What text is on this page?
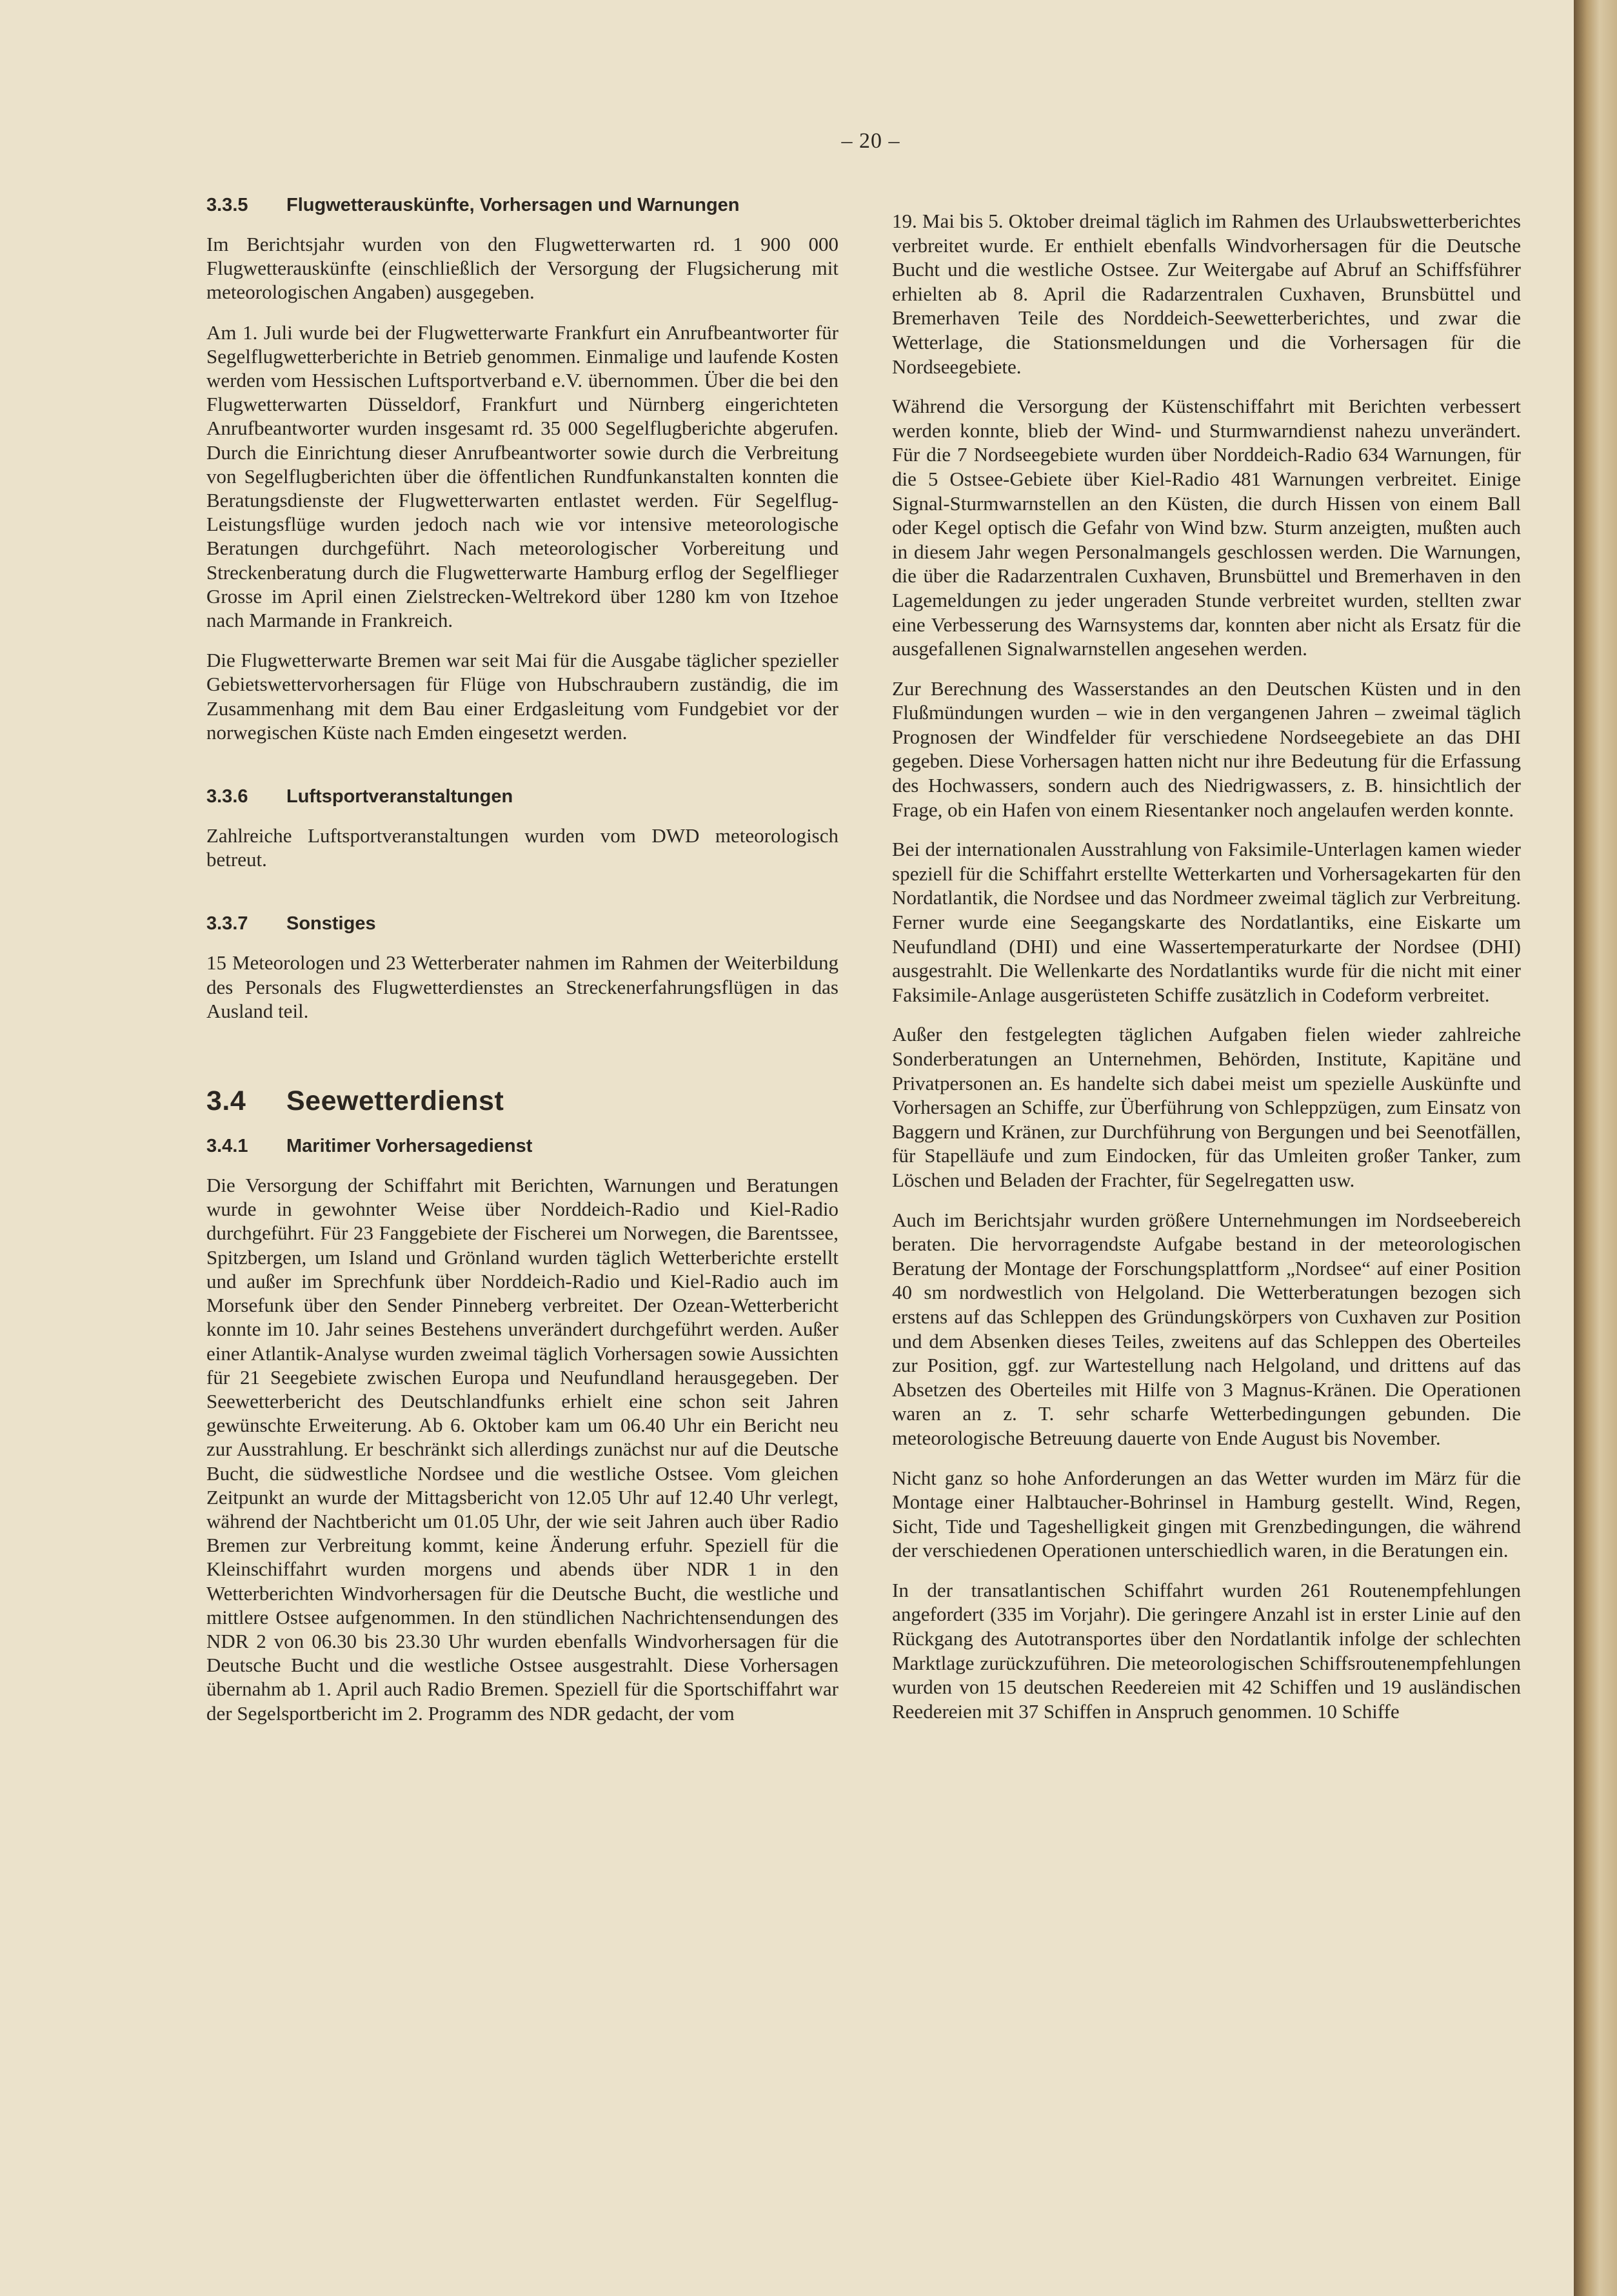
– 20 –
3.3.5 Flugwetterauskünfte, Vorhersagen und Warnungen

Im Berichtsjahr wurden von den Flugwetterwarten rd. 1 900 000 Flugwetterauskünfte (einschließlich der Versorgung der Flugsicherung mit meteorologischen Angaben) ausgegeben.

Am 1. Juli wurde bei der Flugwetterwarte Frankfurt ein Anrufbeantworter für Segelflugwetterberichte in Betrieb genommen. Einmalige und laufende Kosten werden vom Hessischen Luftsportverband e.V. übernommen. Über die bei den Flugwetterwarten Düsseldorf, Frankfurt und Nürnberg eingerichteten Anrufbeantworter wurden insgesamt rd. 35 000 Segelflugberichte abgerufen. Durch die Einrichtung dieser Anrufbeantworter sowie durch die Verbreitung von Segelflugberichten über die öffentlichen Rundfunkanstalten konnten die Beratungsdienste der Flugwetterwarten entlastet werden. Für Segelflug-Leistungsflüge wurden jedoch nach wie vor intensive meteorologische Beratungen durchgeführt. Nach meteorologischer Vorbereitung und Streckenberatung durch die Flugwetterwarte Hamburg erflog der Segelflieger Grosse im April einen Zielstrecken-Weltrekord über 1280 km von Itzehoe nach Marmande in Frankreich.

Die Flugwetterwarte Bremen war seit Mai für die Ausgabe täglicher spezieller Gebietswettervorhersagen für Flüge von Hubschraubern zuständig, die im Zusammenhang mit dem Bau einer Erdgasleitung vom Fundgebiet vor der norwegischen Küste nach Emden eingesetzt werden.

3.3.6 Luftsportveranstaltungen

Zahlreiche Luftsportveranstaltungen wurden vom DWD meteorologisch betreut.

3.3.7 Sonstiges

15 Meteorologen und 23 Wetterberater nahmen im Rahmen der Weiterbildung des Personals des Flugwetterdienstes an Streckenerfahrungsflügen in das Ausland teil.

3.4 Seewetterdienst
3.4.1 Maritimer Vorhersagedienst

Die Versorgung der Schiffahrt mit Berichten, Warnungen und Beratungen wurde in gewohnter Weise über Norddeich-Radio und Kiel-Radio durchgeführt. Für 23 Fanggebiete der Fischerei um Norwegen, die Barentssee, Spitzbergen, um Island und Grönland wurden täglich Wetterberichte erstellt und außer im Sprechfunk über Norddeich-Radio und Kiel-Radio auch im Morsefunk über den Sender Pinneberg verbreitet. Der Ozean-Wetterbericht konnte im 10. Jahr seines Bestehens unverändert durchgeführt werden. Außer einer Atlantik-Analyse wurden zweimal täglich Vorhersagen sowie Aussichten für 21 Seegebiete zwischen Europa und Neufundland herausgegeben. Der Seewetterbericht des Deutschlandfunks erhielt eine schon seit Jahren gewünschte Erweiterung. Ab 6. Oktober kam um 06.40 Uhr ein Bericht neu zur Ausstrahlung. Er beschränkt sich allerdings zunächst nur auf die Deutsche Bucht, die südwestliche Nordsee und die westliche Ostsee. Vom gleichen Zeitpunkt an wurde der Mittagsbericht von 12.05 Uhr auf 12.40 Uhr verlegt, während der Nachtbericht um 01.05 Uhr, der wie seit Jahren auch über Radio Bremen zur Verbreitung kommt, keine Änderung erfuhr. Speziell für die Kleinschiffahrt wurden morgens und abends über NDR 1 in den Wetterberichten Windvorhersagen für die Deutsche Bucht, die westliche und mittlere Ostsee aufgenommen. In den stündlichen Nachrichtensendungen des NDR 2 von 06.30 bis 23.30 Uhr wurden ebenfalls Windvorhersagen für die Deutsche Bucht und die westliche Ostsee ausgestrahlt. Diese Vorhersagen übernahm ab 1. April auch Radio Bremen. Speziell für die Sportschiffahrt war der Segelsportbericht im 2. Programm des NDR gedacht, der vom

19. Mai bis 5. Oktober dreimal täglich im Rahmen des Urlaubswetterberichtes verbreitet wurde. Er enthielt ebenfalls Windvorhersagen für die Deutsche Bucht und die westliche Ostsee. Zur Weitergabe auf Abruf an Schiffsführer erhielten ab 8. April die Radarzentralen Cuxhaven, Brunsbüttel und Bremerhaven Teile des Norddeich-Seewetterberichtes, und zwar die Wetterlage, die Stationsmeldungen und die Vorhersagen für die Nordseegebiete.

Während die Versorgung der Küstenschiffahrt mit Berichten verbessert werden konnte, blieb der Wind- und Sturmwarndienst nahezu unverändert. Für die 7 Nordseegebiete wurden über Norddeich-Radio 634 Warnungen, für die 5 Ostsee-Gebiete über Kiel-Radio 481 Warnungen verbreitet. Einige Signal-Sturmwarnstellen an den Küsten, die durch Hissen von einem Ball oder Kegel optisch die Gefahr von Wind bzw. Sturm anzeigten, mußten auch in diesem Jahr wegen Personalmangels geschlossen werden. Die Warnungen, die über die Radarzentralen Cuxhaven, Brunsbüttel und Bremerhaven in den Lagemeldungen zu jeder ungeraden Stunde verbreitet wurden, stellten zwar eine Verbesserung des Warnsystems dar, konnten aber nicht als Ersatz für die ausgefallenen Signalwarnstellen angesehen werden.

Zur Berechnung des Wasserstandes an den Deutschen Küsten und in den Flußmündungen wurden – wie in den vergangenen Jahren – zweimal täglich Prognosen der Windfelder für verschiedene Nordseegebiete an das DHI gegeben. Diese Vorhersagen hatten nicht nur ihre Bedeutung für die Erfassung des Hochwassers, sondern auch des Niedrigwassers, z. B. hinsichtlich der Frage, ob ein Hafen von einem Riesentanker noch angelaufen werden konnte.

Bei der internationalen Ausstrahlung von Faksimile-Unterlagen kamen wieder speziell für die Schiffahrt erstellte Wetterkarten und Vorhersagekarten für den Nordatlantik, die Nordsee und das Nordmeer zweimal täglich zur Verbreitung. Ferner wurde eine Seegangskarte des Nordatlantiks, eine Eiskarte um Neufundland (DHI) und eine Wassertemperaturkarte der Nordsee (DHI) ausgestrahlt. Die Wellenkarte des Nordatlantiks wurde für die nicht mit einer Faksimile-Anlage ausgerüsteten Schiffe zusätzlich in Codeform verbreitet.

Außer den festgelegten täglichen Aufgaben fielen wieder zahlreiche Sonderberatungen an Unternehmen, Behörden, Institute, Kapitäne und Privatpersonen an. Es handelte sich dabei meist um spezielle Auskünfte und Vorhersagen an Schiffe, zur Überführung von Schleppzügen, zum Einsatz von Baggern und Kränen, zur Durchführung von Bergungen und bei Seenotfällen, für Stapelläufe und zum Eindocken, für das Umleiten großer Tanker, zum Löschen und Beladen der Frachter, für Segelregatten usw.

Auch im Berichtsjahr wurden größere Unternehmungen im Nordseebereich beraten. Die hervorragendste Aufgabe bestand in der meteorologischen Beratung der Montage der Forschungsplattform „Nordsee“ auf einer Position 40 sm nordwestlich von Helgoland. Die Wetterberatungen bezogen sich erstens auf das Schleppen des Gründungskörpers von Cuxhaven zur Position und dem Absenken dieses Teiles, zweitens auf das Schleppen des Oberteiles zur Position, ggf. zur Wartestellung nach Helgoland, und drittens auf das Absetzen des Oberteiles mit Hilfe von 3 Magnus-Kränen. Die Operationen waren an z. T. sehr scharfe Wetterbedingungen gebunden. Die meteorologische Betreuung dauerte von Ende August bis November.

Nicht ganz so hohe Anforderungen an das Wetter wurden im März für die Montage einer Halbtaucher-Bohrinsel in Hamburg gestellt. Wind, Regen, Sicht, Tide und Tageshelligkeit gingen mit Grenzbedingungen, die während der verschiedenen Operationen unterschiedlich waren, in die Beratungen ein.

In der transatlantischen Schiffahrt wurden 261 Routenempfehlungen angefordert (335 im Vorjahr). Die geringere Anzahl ist in erster Linie auf den Rückgang des Autotransportes über den Nordatlantik infolge der schlechten Marktlage zurückzuführen. Die meteorologischen Schiffsroutenempfehlungen wurden von 15 deutschen Reedereien mit 42 Schiffen und 19 ausländischen Reedereien mit 37 Schiffen in Anspruch genommen. 10 Schiffe
